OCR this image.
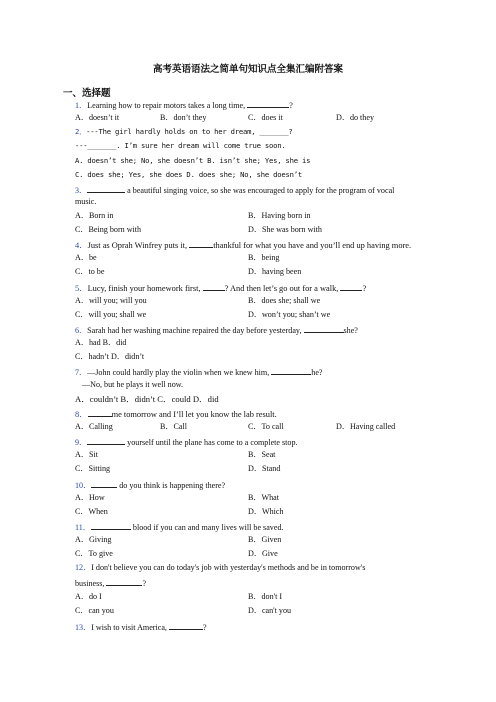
高考英语语法之简单句知识点全集汇编附答案
一、选择题
1．Learning how to repair motors takes a long time,	?
A．doesn’t it	B．don’t they	C．does it	D．do they
2．---The girl hardly holds on to her dream, _______?
---_______. I’m sure her dream will come true soon.
A. doesn’t she; No, she doesn’t B. isn’t she; Yes, she is
C. does she; Yes, she does D. does she; No, she doesn’t
3．	a beautiful singing voice, so she was encouraged to apply for the program of vocal
music.
A．Born in	B．Having born in
C．Being born with	D．She was born with
4．Just as Oprah Winfrey puts it,	thankful for what you have and you’ll end up having more.
A．be	B．being
C．to be	D．having been
5．Lucy, finish your homework first,	? And then let’s go out for a walk,	?
A．will you; will you	B．does she; shall we
C．will you; shall we	D．won’t you; shan’t we
6．Sarah had her washing machine repaired the day before yesterday,	she?
A．had B．did
C．hadn’t D．didn’t
7．—John could hardly play the violin when we knew him,	he?
—No, but he plays it well now.
A．couldn’t B．didn’t C．could D．did
8．	me tomorrow and I’ll let you know the lab result.
A．Calling	B．Call	C．To call	D．Having called
9．	yourself until the plane has come to a complete stop.
A．Sit	B．Seat
C．Sitting	D．Stand
10．	do you think is happening there?
A．How	B．What
C．When	D．Which
11．	blood if you can and many lives will be saved.
A．Giving	B．Given
C．To give	D．Give
12．I don't believe you can do today's job with yesterday's methods and be in tomorrow's
business,	?
A．do I	B．don't I
C．can you	D．can't you
13．I wish to visit America,	?
